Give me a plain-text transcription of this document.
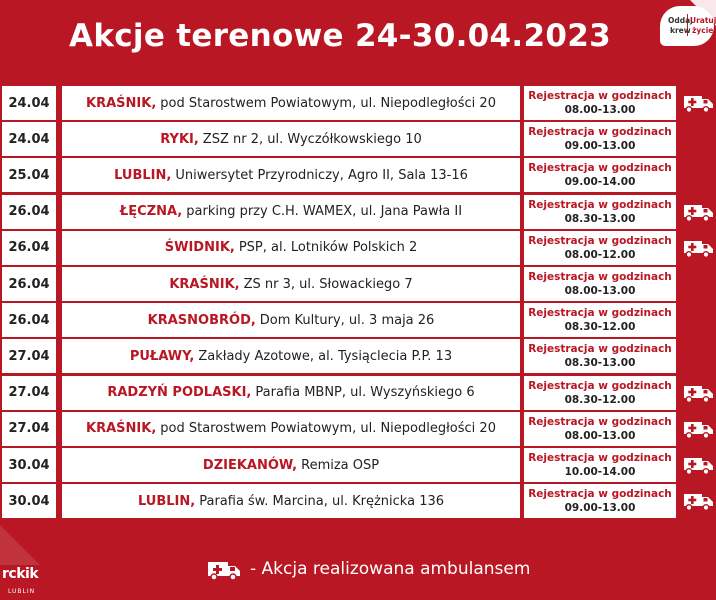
Akcje terenowe 24-30.04.2023	Oddaj
Uratuj
krew życie
24.04	KRAŚNIK, pod Starostwem Powiatowym, ul. Niepodległości 20	Rejestracja w godzinach
08.00-13.00
24.04	RYKI, ZSZ nr 2, ul. Wyczółkowskiego 10	Rejestracja w godzinach
09.00-13.00
25.04	LUBLIN, Uniwersytet Przyrodniczy, Agro II, Sala 13-16	Rejestracja w godzinach
09.00-14.00
26.04	ŁĘCZNA, parking przy C.H. WAMEX, ul. Jana Pawła II	Rejestracja w godzinach
08.30-13.00
26.04	ŚWIDNIK, PSP, al. Lotników Polskich 2	Rejestracja w godzinach
08.00-12.00
26.04	KRAŚNIK, ZS nr 3, ul. Słowackiego 7	Rejestracja w godzinach
08.00-13.00
26.04	KRASNOBRÓD, Dom Kultury, ul. 3 maja 26	Rejestracja w godzinach
08.30-12.00
27.04	PUŁAWY, Zakłady Azotowe, al. Tysiąclecia P.P. 13	Rejestracja w godzinach
08.30-13.00
27.04	RADZYŃ PODLASKI, Parafia MBNP, ul. Wyszyńskiego 6	Rejestracja w godzinach
08.30-12.00
27.04	KRAŚNIK, pod Starostwem Powiatowym, ul. Niepodległości 20	Rejestracja w godzinach
08.00-13.00
30.04	DZIEKANÓW, Remiza OSP	Rejestracja w godzinach
10.00-14.00
30.04	LUBLIN, Parafia św. Marcina, ul. Krężnicka 136	Rejestracja w godzinach
09.00-13.00
- Akcja realizowana ambulansem
rckik
LUBLIN
